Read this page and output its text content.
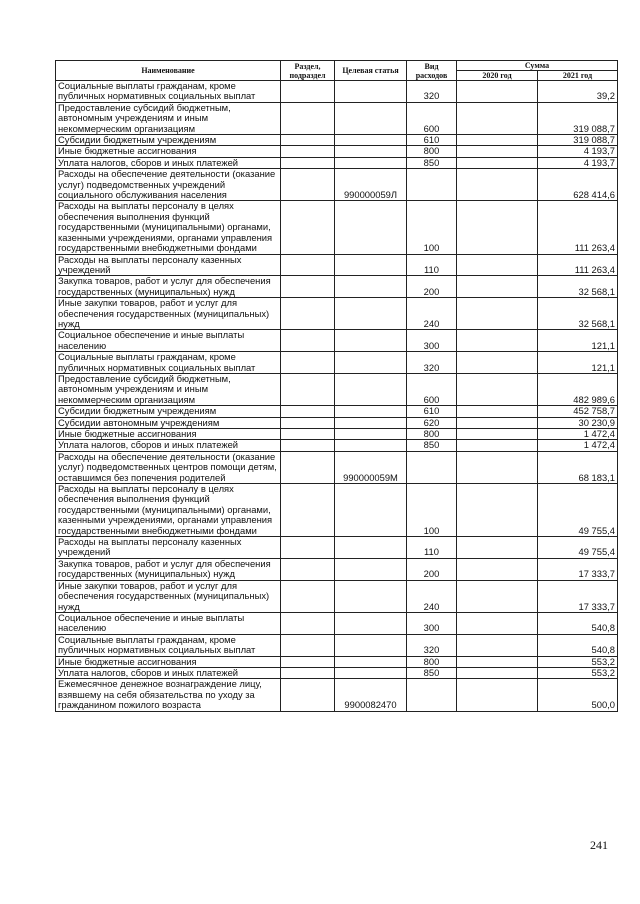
Наименование	Раздел, подраздел	Целевая статья	Вид расходов	Сумма	
				2020 год	2021 год
Социальные выплаты гражданам, кроме публичных нормативных социальных выплат			320		39,2
Предоставление субсидий бюджетным, автономным учреждениям и иным некоммерческим организациям			600		319 088,7
Субсидии бюджетным учреждениям			610		319 088,7
Иные бюджетные ассигнования			800		4 193,7
Уплата налогов, сборов и иных платежей			850		4 193,7
Расходы на обеспечение деятельности (оказание услуг) подведомственных учреждений социального обслуживания населения		990000059Л			628 414,6
Расходы на выплаты персоналу в целях обеспечения выполнения функций государственными (муниципальными) органами, казенными учреждениями, органами управления государственными внебюджетными фондами			100		111 263,4
Расходы на выплаты персоналу казенных учреждений			110		111 263,4
Закупка товаров, работ и услуг для обеспечения государственных (муниципальных) нужд			200		32 568,1
Иные закупки товаров, работ и услуг для обеспечения государственных (муниципальных) нужд			240		32 568,1
Социальное обеспечение и иные выплаты населению			300		121,1
Социальные выплаты гражданам, кроме публичных нормативных социальных выплат			320		121,1
Предоставление субсидий бюджетным, автономным учреждениям и иным некоммерческим организациям			600		482 989,6
Субсидии бюджетным учреждениям			610		452 758,7
Субсидии автономным учреждениям			620		30 230,9
Иные бюджетные ассигнования			800		1 472,4
Уплата налогов, сборов и иных платежей			850		1 472,4
Расходы на обеспечение деятельности (оказание услуг) подведомственных центров помощи детям, оставшимся без попечения родителей		990000059М			68 183,1
Расходы на выплаты персоналу в целях обеспечения выполнения функций государственными (муниципальными) органами, казенными учреждениями, органами управления государственными внебюджетными фондами			100		49 755,4
Расходы на выплаты персоналу казенных учреждений			110		49 755,4
Закупка товаров, работ и услуг для обеспечения государственных (муниципальных) нужд			200		17 333,7
Иные закупки товаров, работ и услуг для обеспечения государственных (муниципальных) нужд			240		17 333,7
Социальное обеспечение и иные выплаты населению			300		540,8
Социальные выплаты гражданам, кроме публичных нормативных социальных выплат			320		540,8
Иные бюджетные ассигнования			800		553,2
Уплата налогов, сборов и иных платежей			850		553,2
Ежемесячное денежное вознаграждение лицу, взявшему на себя обязательства по уходу за гражданином пожилого возраста		9900082470			500,0
241
